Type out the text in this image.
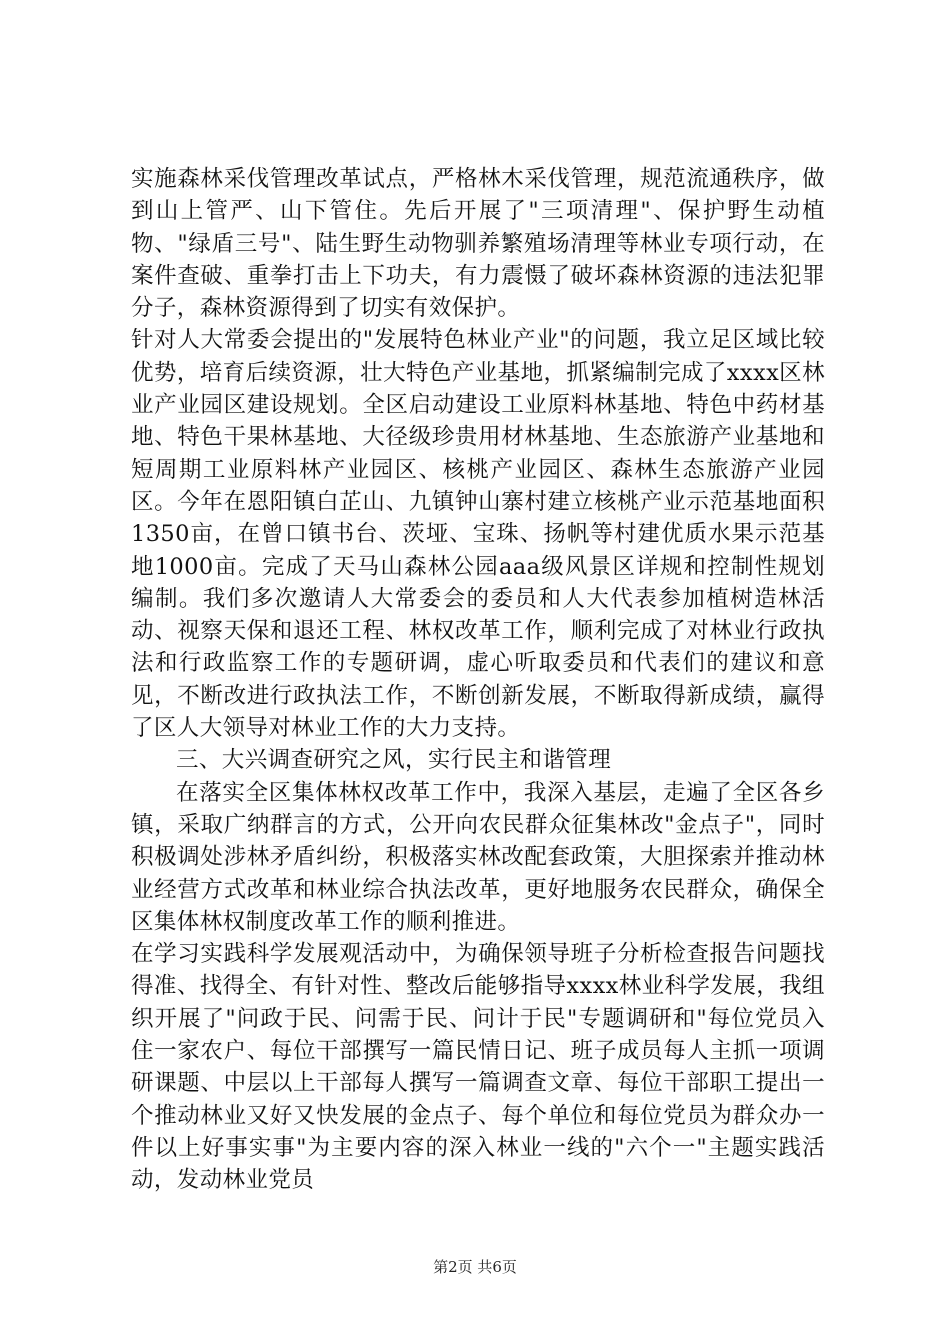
实施森林采伐管理改革试点，严格林木采伐管理，规范流通秩序，做到山上管严、山下管住。先后开展了"三项清理"、保护野生动植物、"绿盾三号"、陆生野生动物驯养繁殖场清理等林业专项行动，在案件查破、重拳打击上下功夫，有力震慑了破坏森林资源的违法犯罪分子，森林资源得到了切实有效保护。

针对人大常委会提出的"发展特色林业产业"的问题，我立足区域比较优势，培育后续资源，壮大特色产业基地，抓紧编制完成了xxxx区林业产业园区建设规划。全区启动建设工业原料林基地、特色中药材基地、特色干果林基地、大径级珍贵用材林基地、生态旅游产业基地和短周期工业原料林产业园区、核桃产业园区、森林生态旅游产业园区。今年在恩阳镇白芷山、九镇钟山寨村建立核桃产业示范基地面积1350亩，在曾口镇书台、茨垭、宝珠、扬帆等村建优质水果示范基地1000亩。完成了天马山森林公园aaa级风景区详规和控制性规划编制。我们多次邀请人大常委会的委员和人大代表参加植树造林活动、视察天保和退还工程、林权改革工作，顺利完成了对林业行政执法和行政监察工作的专题研调，虚心听取委员和代表们的建议和意见，不断改进行政执法工作，不断创新发展，不断取得新成绩，赢得了区人大领导对林业工作的大力支持。

三、大兴调查研究之风，实行民主和谐管理

在落实全区集体林权改革工作中，我深入基层，走遍了全区各乡镇，采取广纳群言的方式，公开向农民群众征集林改"金点子"，同时积极调处涉林矛盾纠纷，积极落实林改配套政策，大胆探索并推动林业经营方式改革和林业综合执法改革，更好地服务农民群众，确保全区集体林权制度改革工作的顺利推进。

在学习实践科学发展观活动中，为确保领导班子分析检查报告问题找得准、找得全、有针对性、整改后能够指导xxxx林业科学发展，我组织开展了"问政于民、问需于民、问计于民"专题调研和"每位党员入住一家农户、每位干部撰写一篇民情日记、班子成员每人主抓一项调研课题、中层以上干部每人撰写一篇调查文章、每位干部职工提出一个推动林业又好又快发展的金点子、每个单位和每位党员为群众办一件以上好事实事"为主要内容的深入林业一线的"六个一"主题实践活动，发动林业党员

第2页 共6页
